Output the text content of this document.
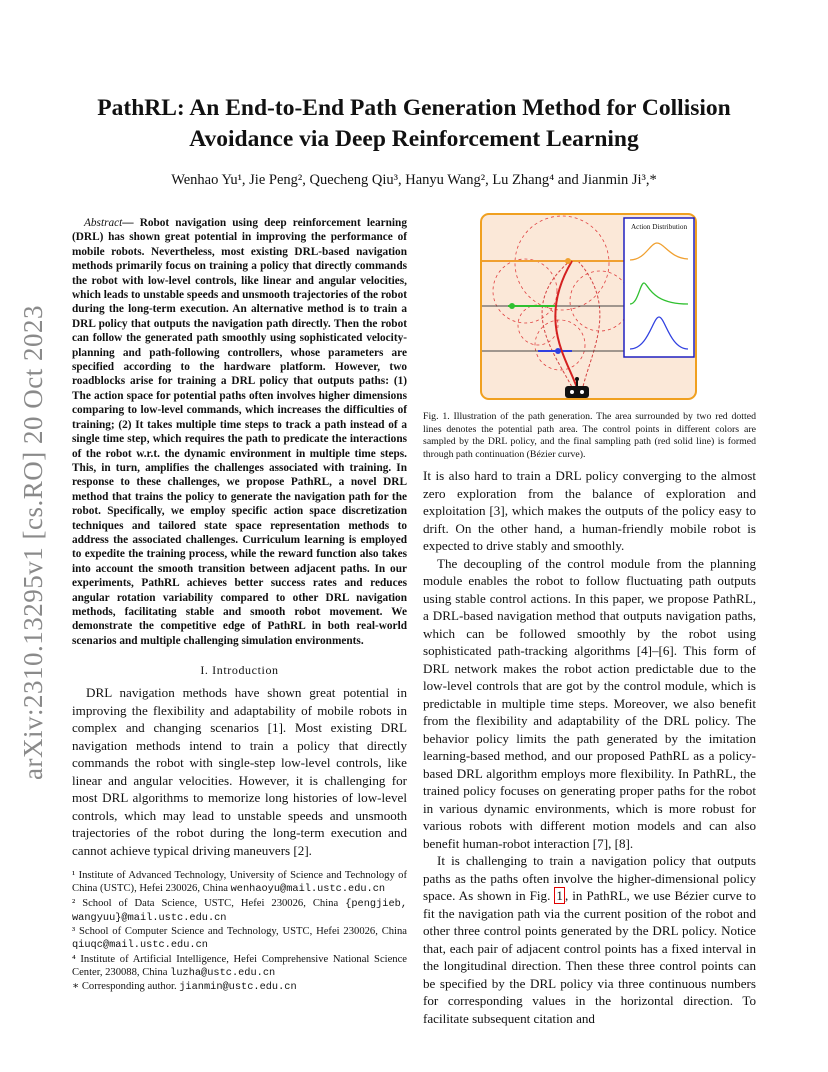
arXiv:2310.13295v1 [cs.RO] 20 Oct 2023
PathRL: An End-to-End Path Generation Method for Collision Avoidance via Deep Reinforcement Learning
Wenhao Yu¹, Jie Peng², Quecheng Qiu³, Hanyu Wang², Lu Zhang⁴ and Jianmin Ji³,*

Abstract— Robot navigation using deep reinforcement learning (DRL) has shown great potential in improving the performance of mobile robots. Nevertheless, most existing DRL-based navigation methods primarily focus on training a policy that directly commands the robot with low-level controls, like linear and angular velocities, which leads to unstable speeds and unsmooth trajectories of the robot during the long-term execution. An alternative method is to train a DRL policy that outputs the navigation path directly. Then the robot can follow the generated path smoothly using sophisticated velocity-planning and path-following controllers, whose parameters are specified according to the hardware platform. However, two roadblocks arise for training a DRL policy that outputs paths: (1) The action space for potential paths often involves higher dimensions comparing to low-level commands, which increases the difficulties of training; (2) It takes multiple time steps to track a path instead of a single time step, which requires the path to predicate the interactions of the robot w.r.t. the dynamic environment in multiple time steps. This, in turn, amplifies the challenges associated with training. In response to these challenges, we propose PathRL, a novel DRL method that trains the policy to generate the navigation path for the robot. Specifically, we employ specific action space discretization techniques and tailored state space representation methods to address the associated challenges. Curriculum learning is employed to expedite the training process, while the reward function also takes into account the smooth transition between adjacent paths. In our experiments, PathRL achieves better success rates and reduces angular rotation variability compared to other DRL navigation methods, facilitating stable and smooth robot movement. We demonstrate the competitive edge of PathRL in both real-world scenarios and multiple challenging simulation environments.

I. Introduction

DRL navigation methods have shown great potential in improving the flexibility and adaptability of mobile robots in complex and changing scenarios [1]. Most existing DRL navigation methods intend to train a policy that directly commands the robot with single-step low-level controls, like linear and angular velocities. However, it is challenging for most DRL algorithms to memorize long histories of low-level controls, which may lead to unstable speeds and unsmooth trajectories of the robot during the long-term execution and cannot achieve typical driving maneuvers [2].

¹ Institute of Advanced Technology, University of Science and Technology of China (USTC), Hefei 230026, China wenhaoyu@mail.ustc.edu.cn
² School of Data Science, USTC, Hefei 230026, China {pengjieb, wangyuu}@mail.ustc.edu.cn
³ School of Computer Science and Technology, USTC, Hefei 230026, China qiuqc@mail.ustc.edu.cn
⁴ Institute of Artificial Intelligence, Hefei Comprehensive National Science Center, 230088, China luzha@ustc.edu.cn
∗ Corresponding author. jianmin@ustc.edu.cn
Action Distribution
Fig. 1. Illustration of the path generation. The area surrounded by two red dotted lines denotes the potential path area. The control points in different colors are sampled by the DRL policy, and the final sampling path (red solid line) is formed through path continuation (Bézier curve).

It is also hard to train a DRL policy converging to the almost zero exploration from the balance of exploration and exploitation [3], which makes the outputs of the policy easy to drift. On the other hand, a human-friendly mobile robot is expected to drive stably and smoothly.

The decoupling of the control module from the planning module enables the robot to follow fluctuating path outputs using stable control actions. In this paper, we propose PathRL, a DRL-based navigation method that outputs navigation paths, which can be followed smoothly by the robot using sophisticated path-tracking algorithms [4]–[6]. This form of DRL network makes the robot action predictable due to the low-level controls that are got by the control module, which is predictable in multiple time steps. Moreover, we also benefit from the flexibility and adaptability of the DRL policy. The behavior policy limits the path generated by the imitation learning-based method, and our proposed PathRL as a policy-based DRL algorithm employs more flexibility. In PathRL, the trained policy focuses on generating proper paths for the robot in various dynamic environments, which is more robust for various robots with different motion models and can also benefit human-robot interaction [7], [8].

It is challenging to train a navigation policy that outputs paths as the paths often involve the higher-dimensional policy space. As shown in Fig. 1 , in PathRL, we use Bézier curve to fit the navigation path via the current position of the robot and other three control points generated by the DRL policy. Notice that, each pair of adjacent control points has a fixed interval in the longitudinal direction. Then these three control points can be specified by the DRL policy via three continuous numbers for corresponding values in the horizontal direction. To facilitate subsequent citation and
